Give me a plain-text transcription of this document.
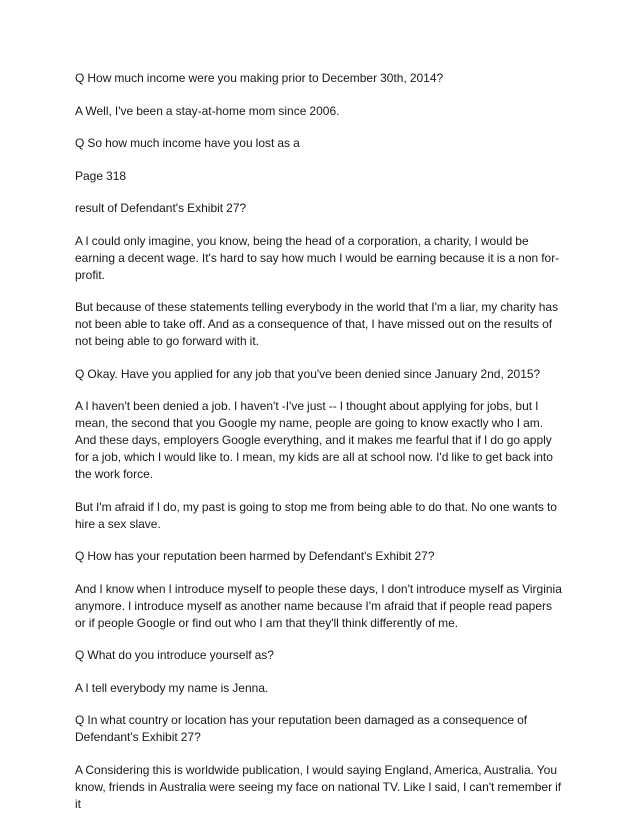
Q How much income were you making prior to December 30th, 2014?

A Well, I've been a stay-at-home mom since 2006.

Q So how much income have you lost as a

Page 318

result of Defendant's Exhibit 27?

A I could only imagine, you know, being the head of a corporation, a charity, I would be earning a decent wage. It's hard to say how much I would be earning because it is a non for-profit.

But because of these statements telling everybody in the world that I'm a liar, my charity has not been able to take off. And as a consequence of that, I have missed out on the results of not being able to go forward with it.

Q Okay. Have you applied for any job that you've been denied since January 2nd, 2015?

A I haven't been denied a job. I haven't -I've just -- I thought about applying for jobs, but I mean, the second that you Google my name, people are going to know exactly who I am. And these days, employers Google everything, and it makes me fearful that if I do go apply for a job, which I would like to. I mean, my kids are all at school now. I'd like to get back into the work force.

But I'm afraid if I do, my past is going to stop me from being able to do that. No one wants to hire a sex slave.

Q How has your reputation been harmed by Defendant's Exhibit 27?

And I know when I introduce myself to people these days, I don't introduce myself as Virginia anymore. I introduce myself as another name because I'm afraid that if people read papers or if people Google or find out who I am that they'll think differently of me.

Q What do you introduce yourself as?

A I tell everybody my name is Jenna.

Q In what country or location has your reputation been damaged as a consequence of Defendant's Exhibit 27?

A Considering this is worldwide publication, I would saying England, America, Australia. You know, friends in Australia were seeing my face on national TV. Like I said, I can't remember if it
